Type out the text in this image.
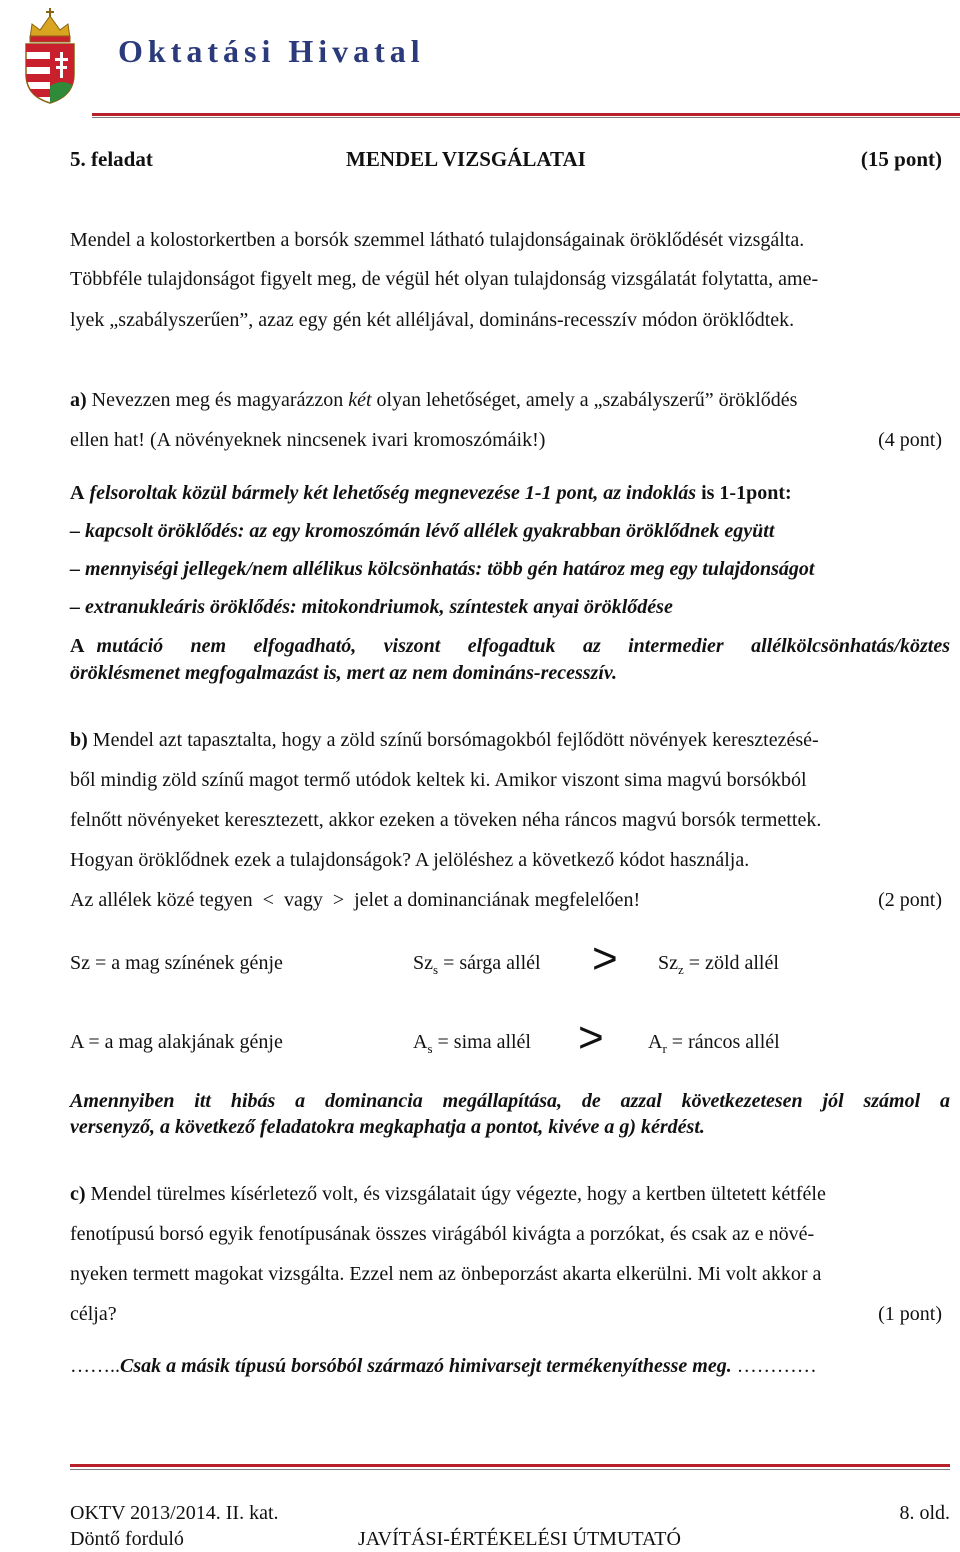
Oktatási Hivatal
5. feladat	MENDEL VIZSGÁLATAI	(15 pont)
Mendel a kolostorkertben a borsók szemmel látható tulajdonságainak öröklődését vizsgálta.
Többféle tulajdonságot figyelt meg, de végül hét olyan tulajdonság vizsgálatát folytatta, ame-
lyek „szabályszerűen”, azaz egy gén két alléljával, domináns-recesszív módon öröklődtek.
a) Nevezzen meg és magyarázzon két olyan lehetőséget, amely a „szabályszerű” öröklődés
ellen hat! (A növényeknek nincsenek ivari kromoszómáik!)	(4 pont)
A felsoroltak közül bármely két lehetőség megnevezése 1-1 pont, az indoklás is 1-1pont:
– kapcsolt öröklődés: az egy kromoszómán lévő allélek gyakrabban öröklődnek együtt
– mennyiségi jellegek/nem allélikus kölcsönhatás: több gén határoz meg egy tulajdonságot
– extranukleáris öröklődés: mitokondriumok, színtestek anyai öröklődése
A mutáció nem elfogadható, viszont elfogadtuk az intermedier allélkölcsönhatás/köztes
öröklésmenet megfogalmazást is, mert az nem domináns-recesszív.
b) Mendel azt tapasztalta, hogy a zöld színű borsómagokból fejlődött növények keresztezésé-
ből mindig zöld színű magot termő utódok keltek ki. Amikor viszont sima magvú borsókból
felnőtt növényeket keresztezett, akkor ezeken a töveken néha ráncos magvú borsók termettek.
Hogyan öröklődnek ezek a tulajdonságok? A jelöléshez a következő kódot használja.
Az allélek közé tegyen  <  vagy  >  jelet a dominanciának megfelelően!	(2 pont)
Sz = a mag színének génje	$Sz_s$ = sárga allél > $Sz_z$ = zöld allél
A = a mag alakjának génje	$A_s$ = sima allél > $A_r$ = ráncos allél
Amennyiben itt hibás a dominancia megállapítása, de azzal következetesen jól számol a
versenyző, a következő feladatokra megkaphatja a pontot, kivéve a g) kérdést.
c) Mendel türelmes kísérletező volt, és vizsgálatait úgy végezte, hogy a kertben ültetett kétféle
fenotípusú borsó egyik fenotípusának összes virágából kivágta a porzókat, és csak az e növé-
nyeken termett magokat vizsgálta. Ezzel nem az önbeporzást akarta elkerülni. Mi volt akkor a
célja?	(1 pont)
……..Csak a másik típusú borsóból származó himivarsejt termékenyíthesse meg. …………
OKTV 2013/2014. II. kat.
Döntő forduló	JAVÍTÁSI-ÉRTÉKELÉSI ÚTMUTATÓ
8. old.
